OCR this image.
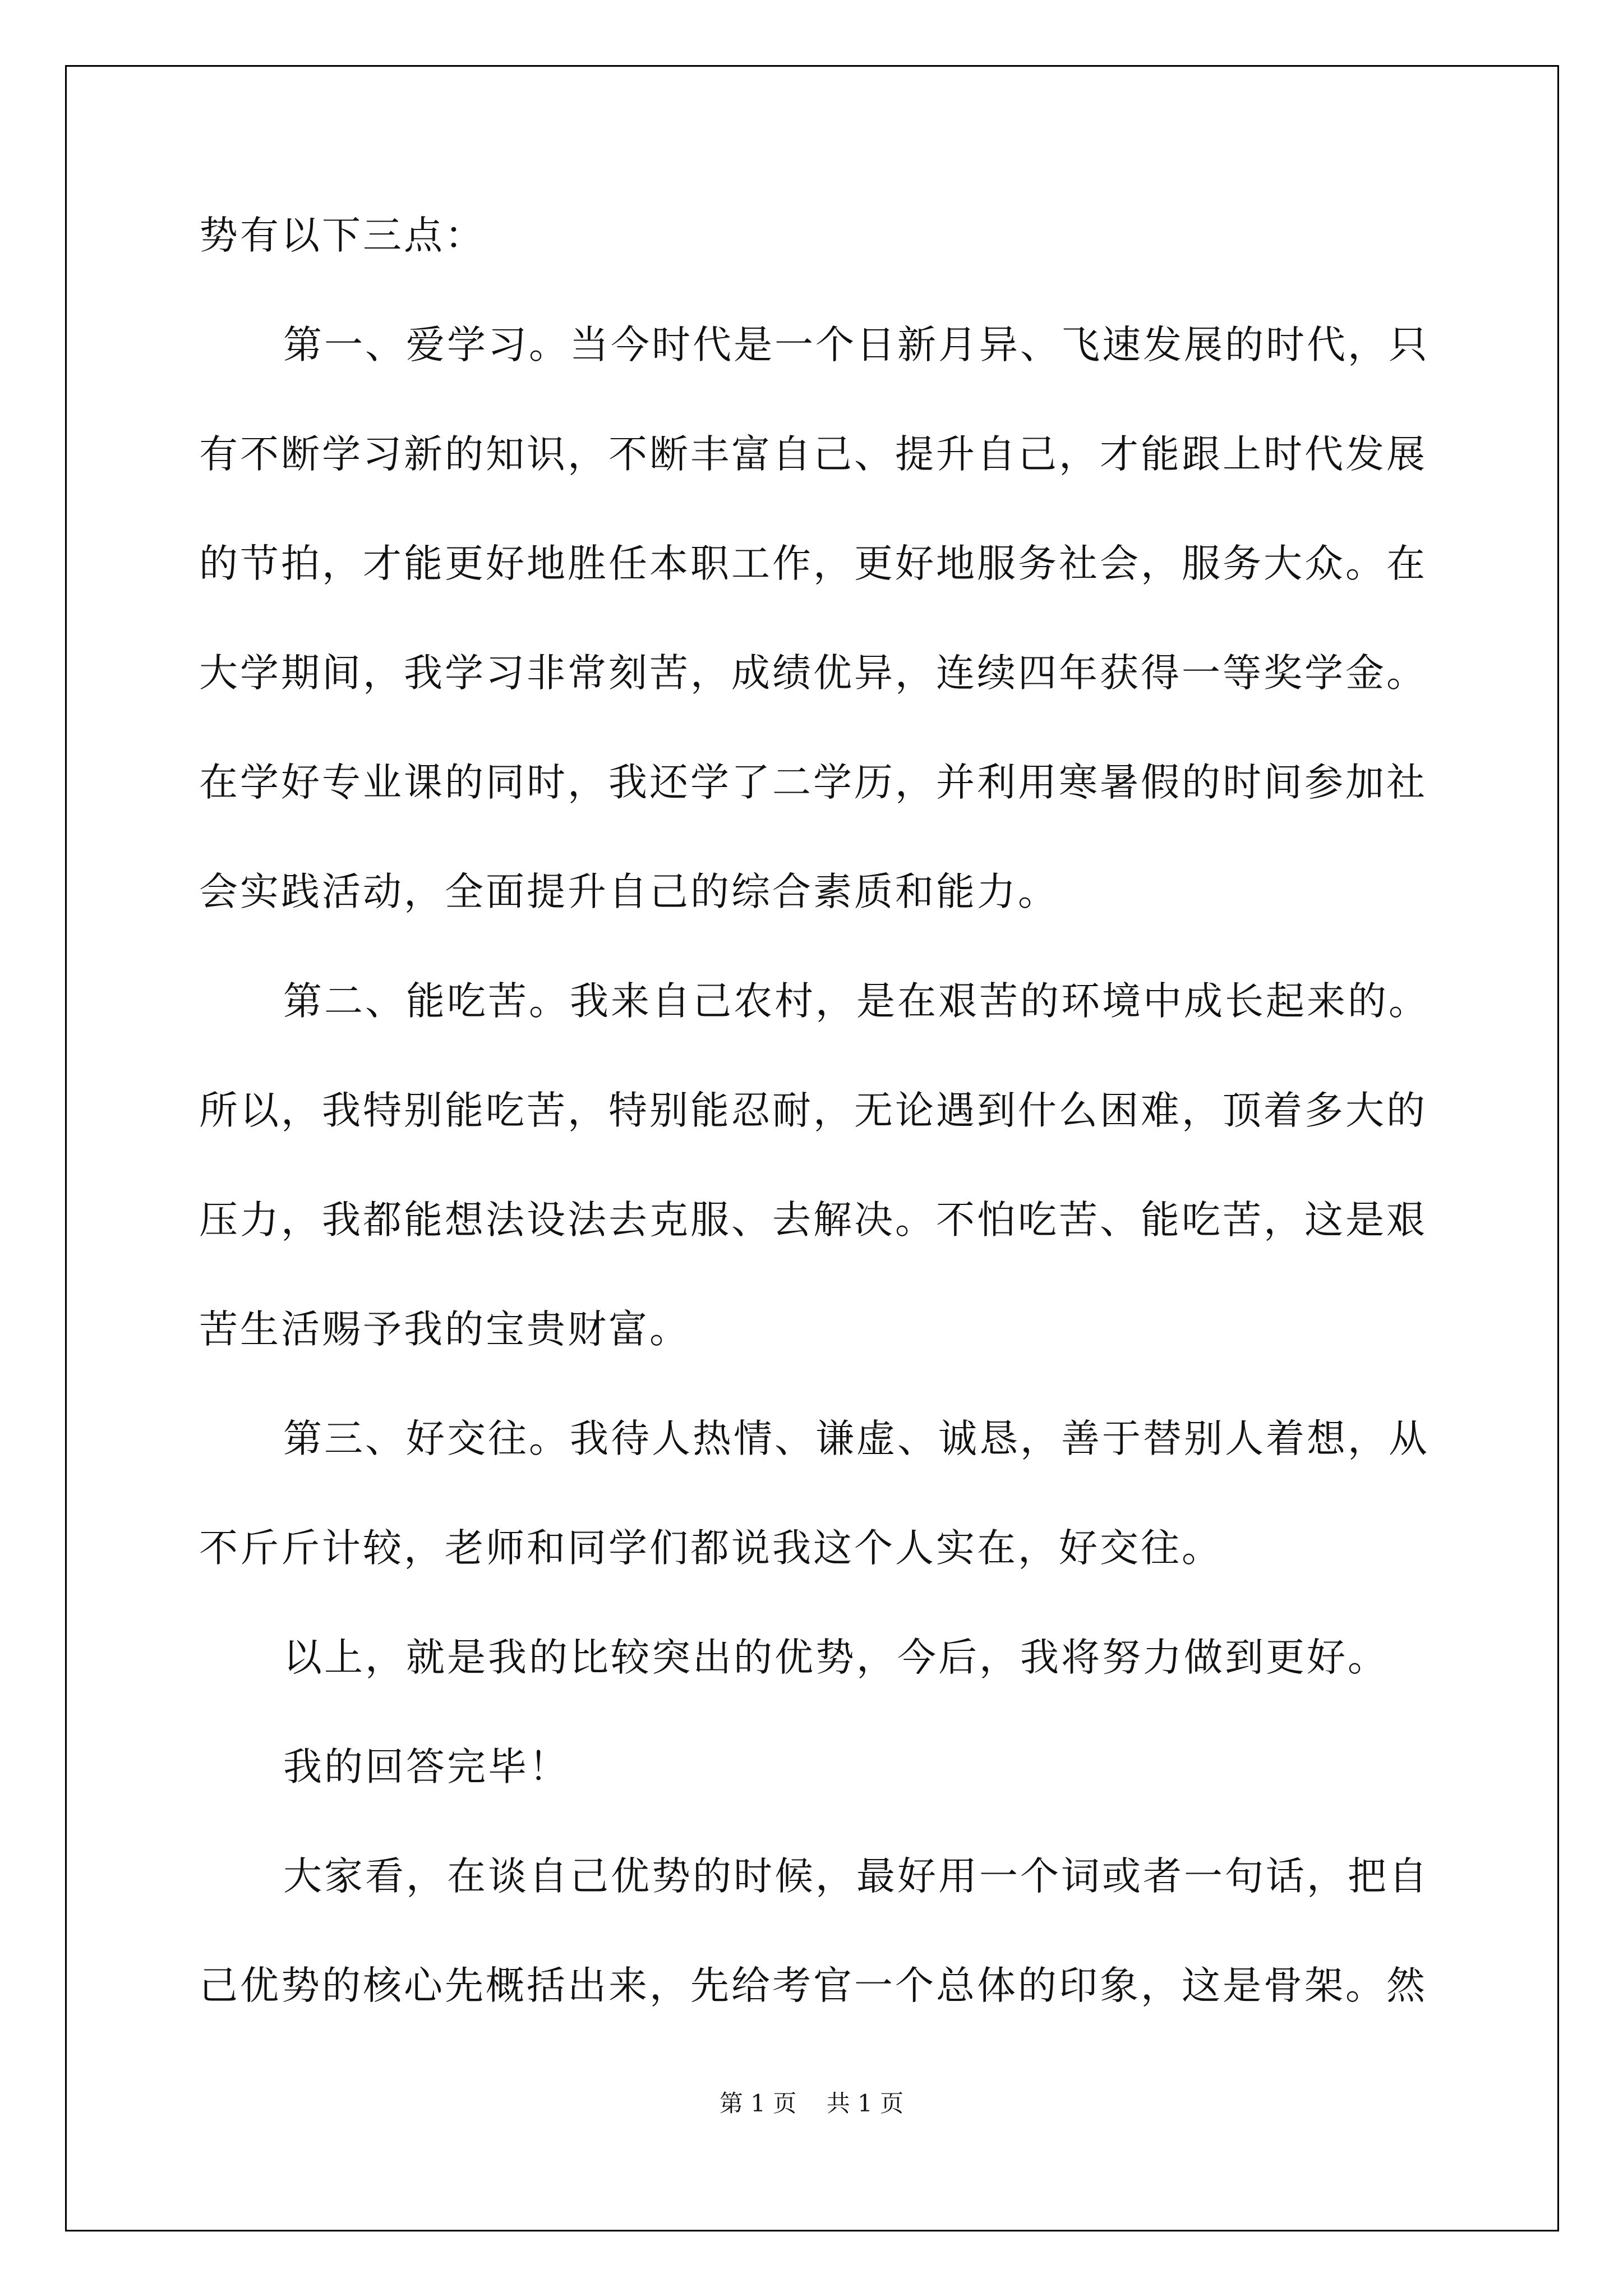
势有以下三点：
第一、爱学习。当今时代是一个日新月异、飞速发展的时代，只
有不断学习新的知识，不断丰富自己、提升自己，才能跟上时代发展
的节拍，才能更好地胜任本职工作，更好地服务社会，服务大众。在
大学期间，我学习非常刻苦，成绩优异，连续四年获得一等奖学金。
在学好专业课的同时，我还学了二学历，并利用寒暑假的时间参加社
会实践活动，全面提升自己的综合素质和能力。
第二、能吃苦。我来自己农村，是在艰苦的环境中成长起来的。
所以，我特别能吃苦，特别能忍耐，无论遇到什么困难，顶着多大的
压力，我都能想法设法去克服、去解决。不怕吃苦、能吃苦，这是艰
苦生活赐予我的宝贵财富。
第三、好交往。我待人热情、谦虚、诚恳，善于替别人着想，从
不斤斤计较，老师和同学们都说我这个人实在，好交往。
以上，就是我的比较突出的优势，今后，我将努力做到更好。
我的回答完毕！
大家看，在谈自己优势的时候，最好用一个词或者一句话，把自
己优势的核心先概括出来，先给考官一个总体的印象，这是骨架。然
第 1 页    共 1 页
